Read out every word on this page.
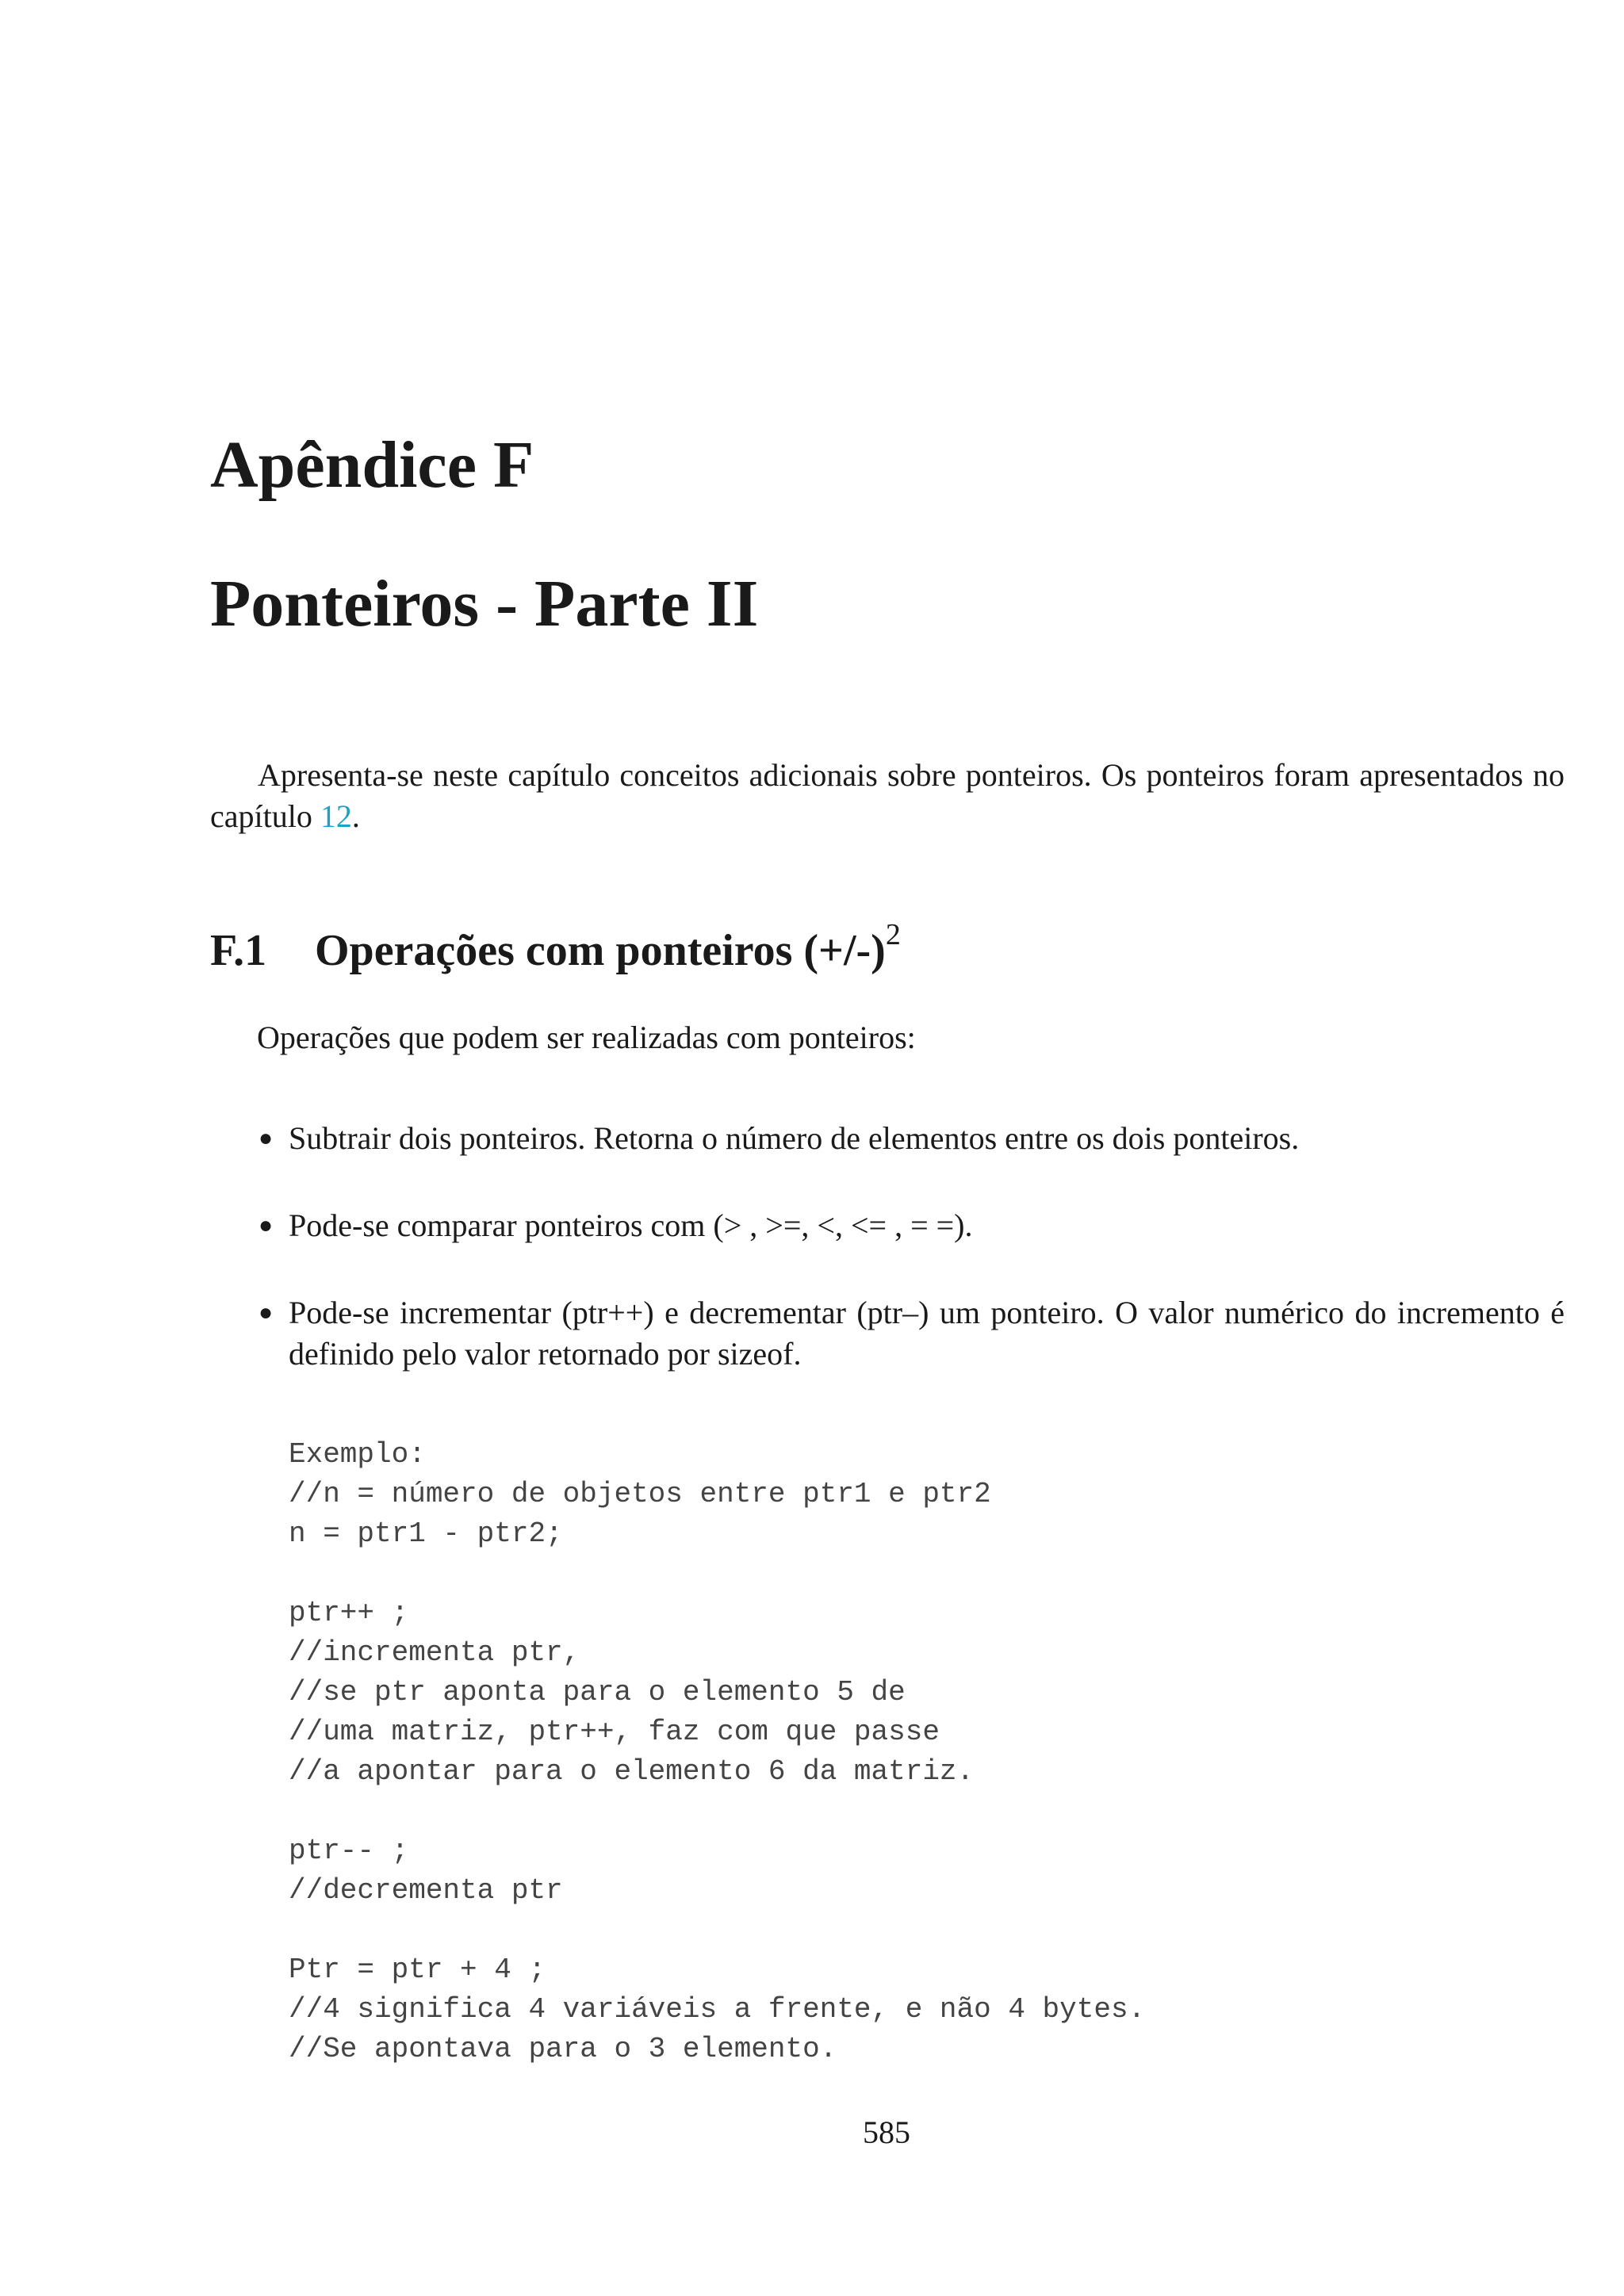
Apêndice F
Ponteiros - Parte II

Apresenta-se neste capítulo conceitos adicionais sobre ponteiros. Os ponteiros foram apresentados no capítulo 12.

F.1 Operações com ponteiros $(+/-)^2$

Operações que podem ser realizadas com ponteiros:

● Subtrair dois ponteiros. Retorna o número de elementos entre os dois ponteiros.
● Pode-se comparar ponteiros com (> , >=, <, <= , = =).
● Pode-se incrementar (ptr++) e decrementar (ptr–) um ponteiro. O valor numérico do incremento é definido pelo valor retornado por sizeof.
Exemplo:
//n = número de objetos entre ptr1 e ptr2
n = ptr1 - ptr2;

ptr++ ;
//incrementa ptr,
//se ptr aponta para o elemento 5 de
//uma matriz, ptr++, faz com que passe
//a apontar para o elemento 6 da matriz.

ptr-- ;
//decrementa ptr

Ptr = ptr + 4 ;
//4 significa 4 variáveis a frente, e não 4 bytes.
//Se apontava para o 3 elemento.

585
